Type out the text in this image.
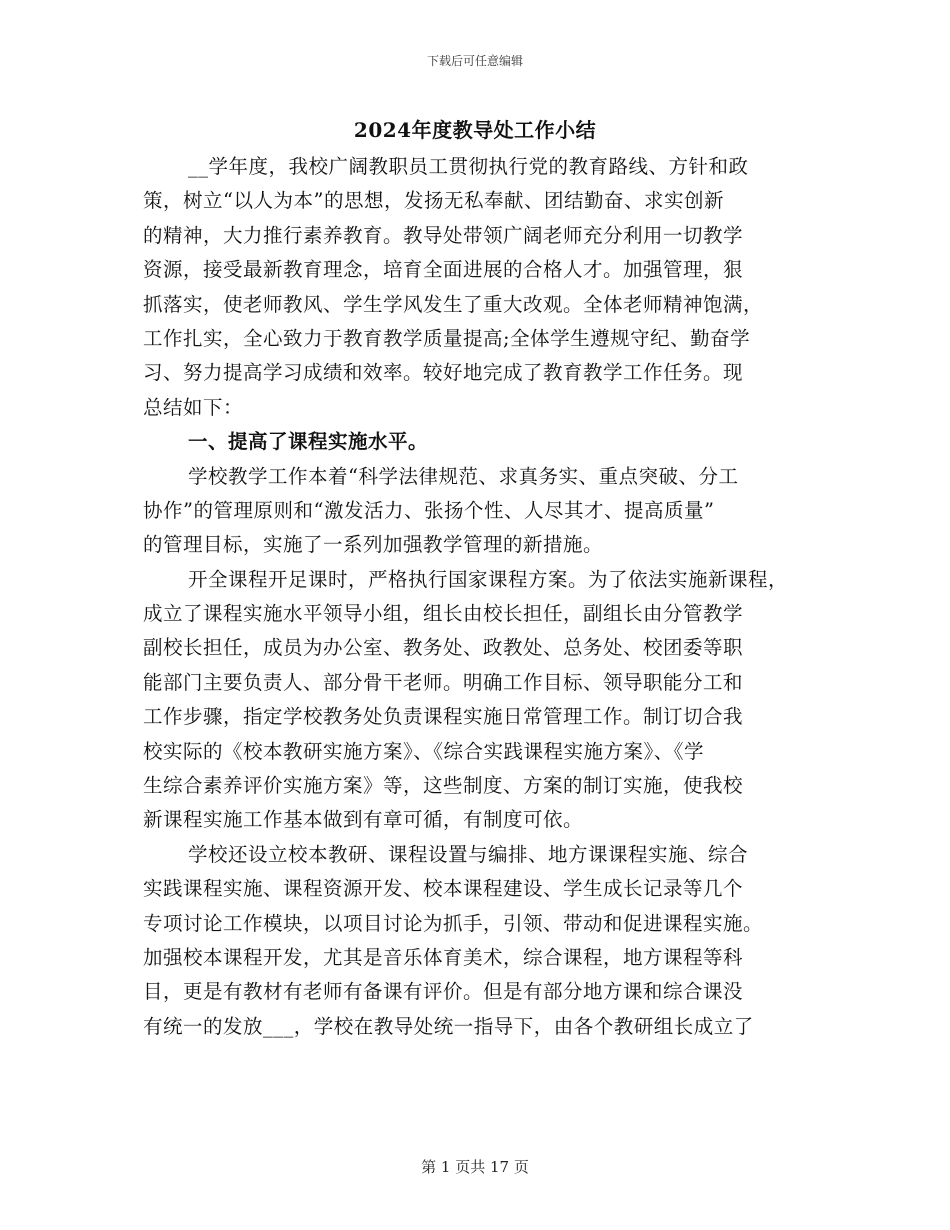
下载后可任意编辑
2024年度教导处工作小结
__学年度，我校广阔教职员工贯彻执行党的教育路线、方针和政
策，树立“以人为本”的思想，发扬无私奉献、团结勤奋、求实创新
的精神，大力推行素养教育。教导处带领广阔老师充分利用一切教学
资源，接受最新教育理念，培育全面进展的合格人才。加强管理，狠
抓落实，使老师教风、学生学风发生了重大改观。全体老师精神饱满，
工作扎实，全心致力于教育教学质量提高;全体学生遵规守纪、勤奋学
习、努力提高学习成绩和效率。较好地完成了教育教学工作任务。现
总结如下：
一、提高了课程实施水平。
学校教学工作本着“科学法律规范、求真务实、重点突破、分工
协作”的管理原则和“激发活力、张扬个性、人尽其才、提高质量”
的管理目标，实施了一系列加强教学管理的新措施。
开全课程开足课时，严格执行国家课程方案。为了依法实施新课程，
成立了课程实施水平领导小组，组长由校长担任，副组长由分管教学
副校长担任，成员为办公室、教务处、政教处、总务处、校团委等职
能部门主要负责人、部分骨干老师。明确工作目标、领导职能分工和
工作步骤，指定学校教务处负责课程实施日常管理工作。制订切合我
校实际的《校本教研实施方案》、《综合实践课程实施方案》、《学
生综合素养评价实施方案》等，这些制度、方案的制订实施，使我校
新课程实施工作基本做到有章可循，有制度可依。
学校还设立校本教研、课程设置与编排、地方课课程实施、综合
实践课程实施、课程资源开发、校本课程建设、学生成长记录等几个
专项讨论工作模块，以项目讨论为抓手，引领、带动和促进课程实施。
加强校本课程开发，尤其是音乐体育美术，综合课程，地方课程等科
目，更是有教材有老师有备课有评价。但是有部分地方课和综合课没
有统一的发放___，学校在教导处统一指导下，由各个教研组长成立了
第 1 页共 17 页
